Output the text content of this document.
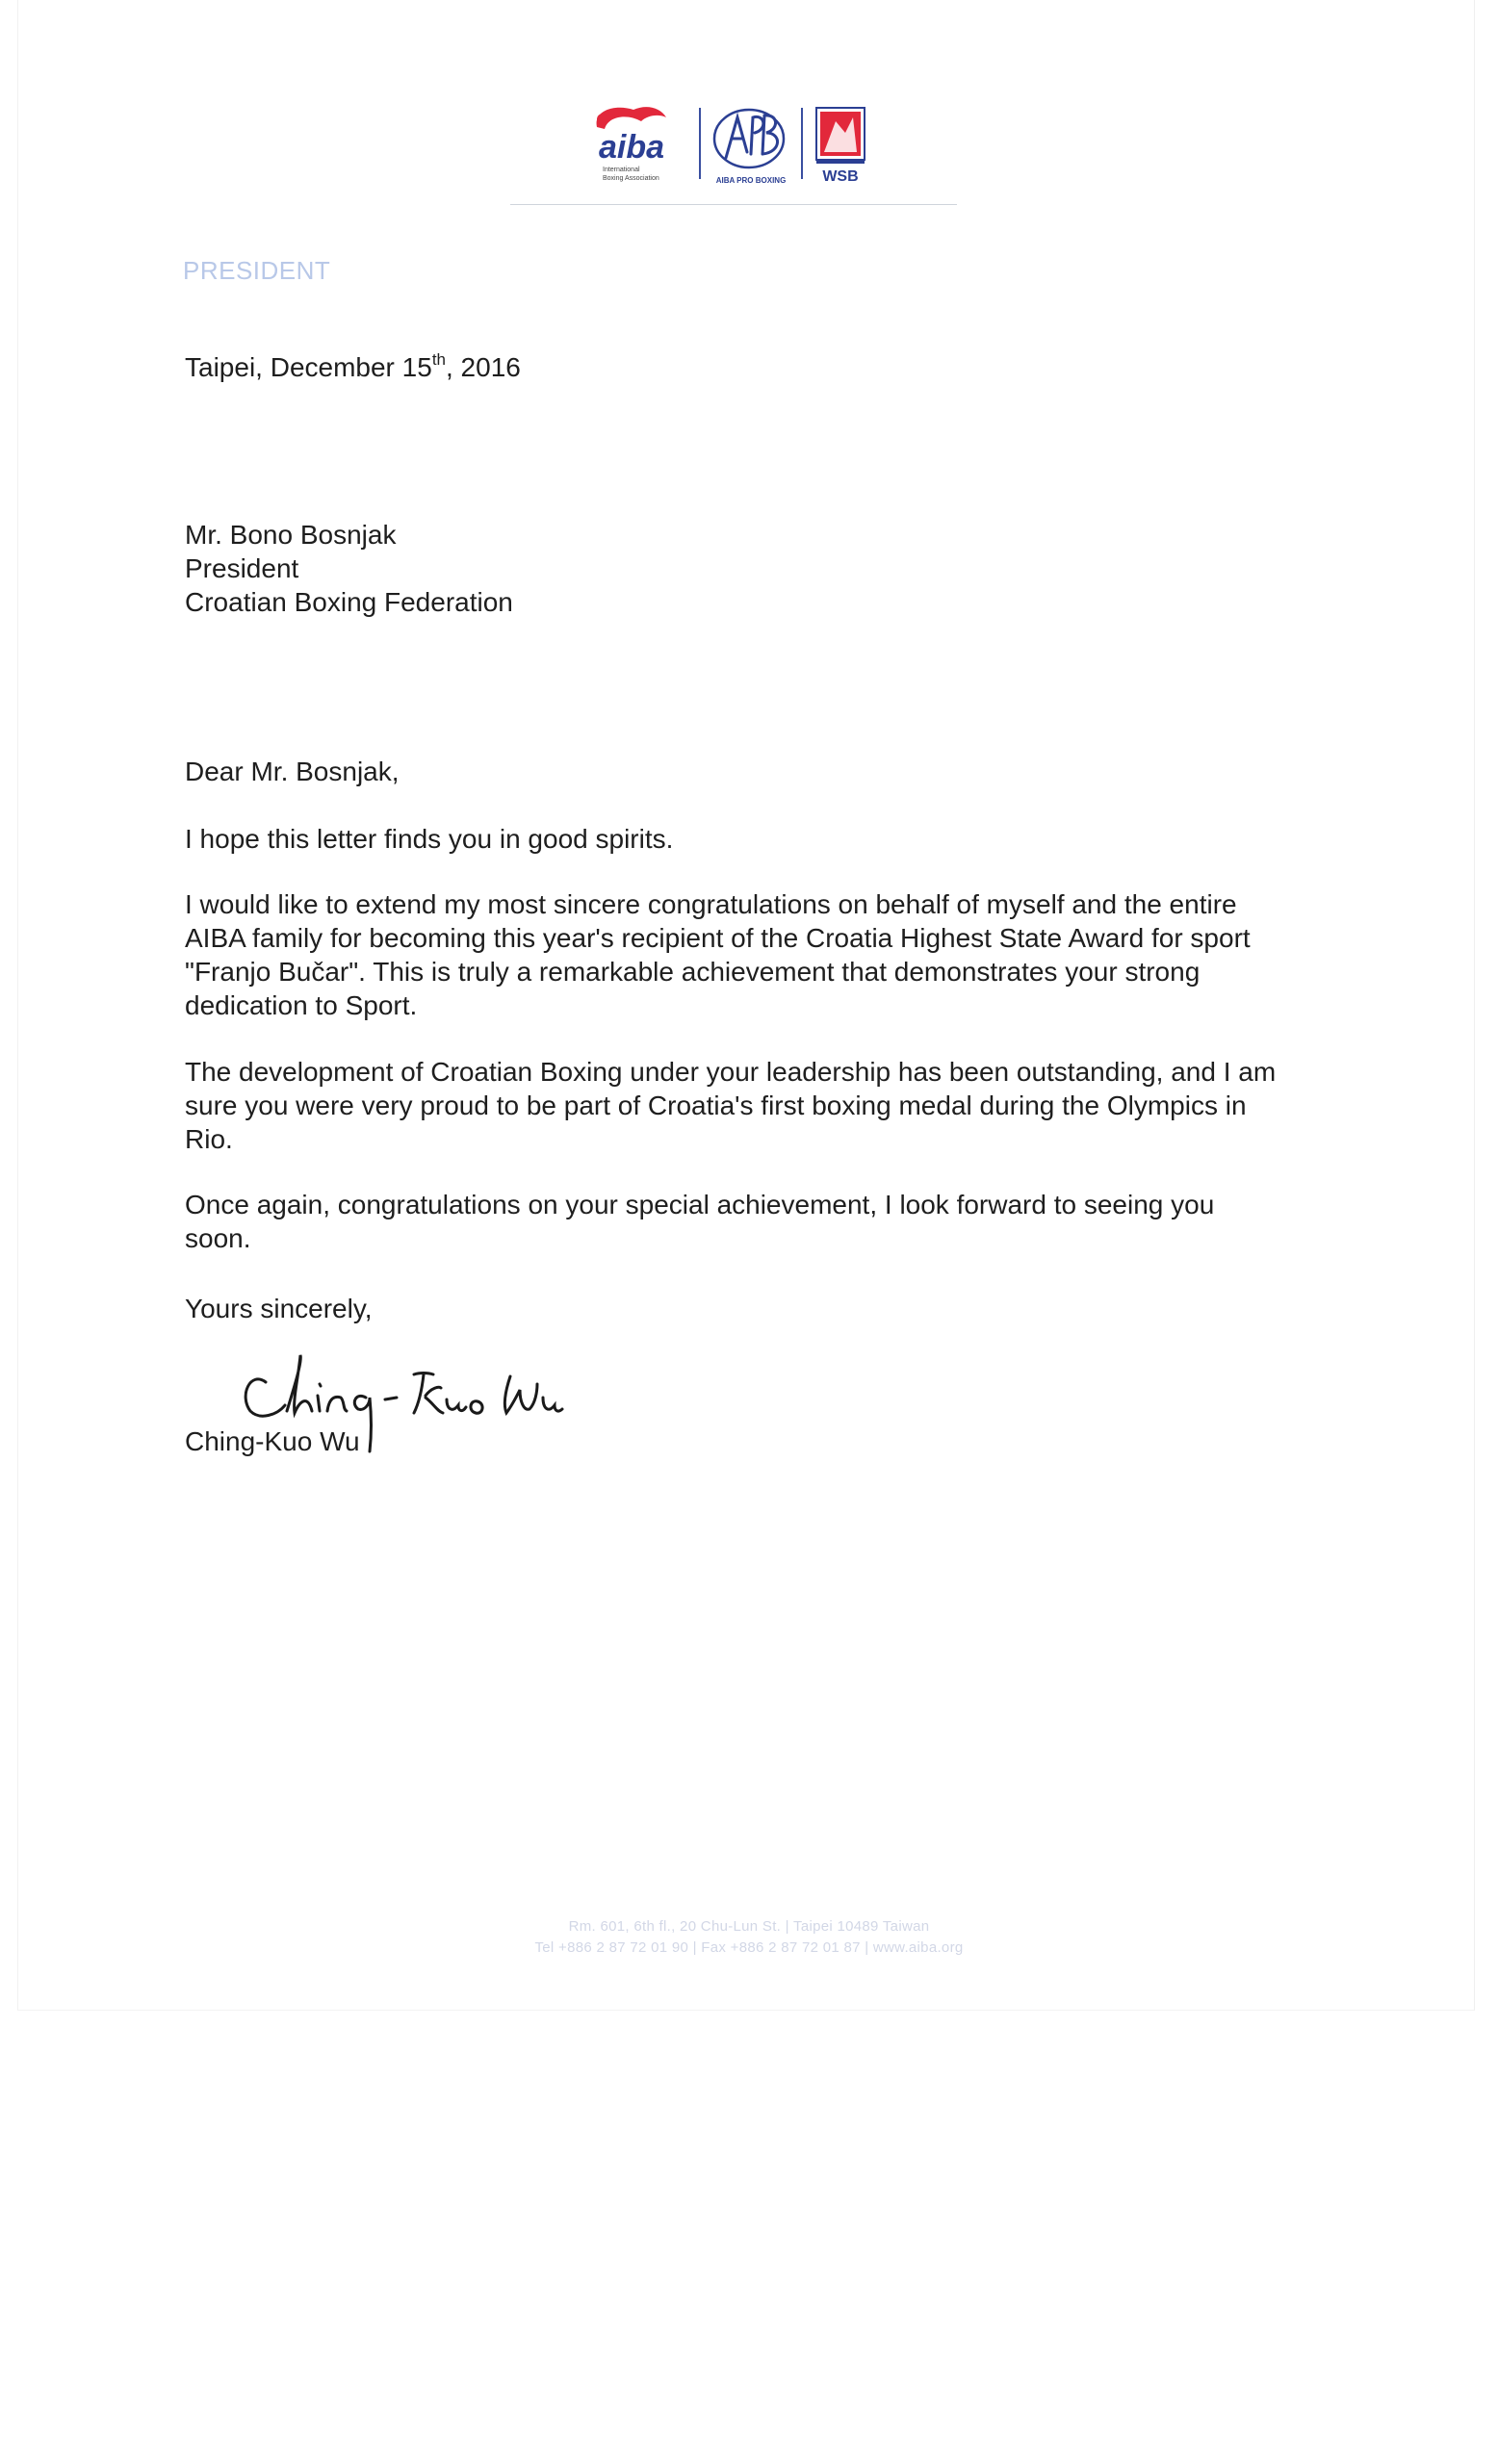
aiba
International
Boxing Association	AIBA PRO BOXING WSB
PRESIDENT
Taipei, December 15th, 2016
Mr. Bono Bosnjak
President
Croatian Boxing Federation
Dear Mr. Bosnjak,
I hope this letter finds you in good spirits.
I would like to extend my most sincere congratulations on behalf of myself and the entire AIBA family for becoming this year's recipient of the Croatia Highest State Award for sport "Franjo Bučar". This is truly a remarkable achievement that demonstrates your strong dedication to Sport.
The development of Croatian Boxing under your leadership has been outstanding, and I am sure you were very proud to be part of Croatia's first boxing medal during the Olympics in Rio.
Once again, congratulations on your special achievement, I look forward to seeing you soon.
Yours sincerely,
Ching-Kuo Wu
Rm. 601, 6th fl., 20 Chu-Lun St. | Taipei 10489 Taiwan
Tel +886 2 87 72 01 90 | Fax +886 2 87 72 01 87 | www.aiba.org
